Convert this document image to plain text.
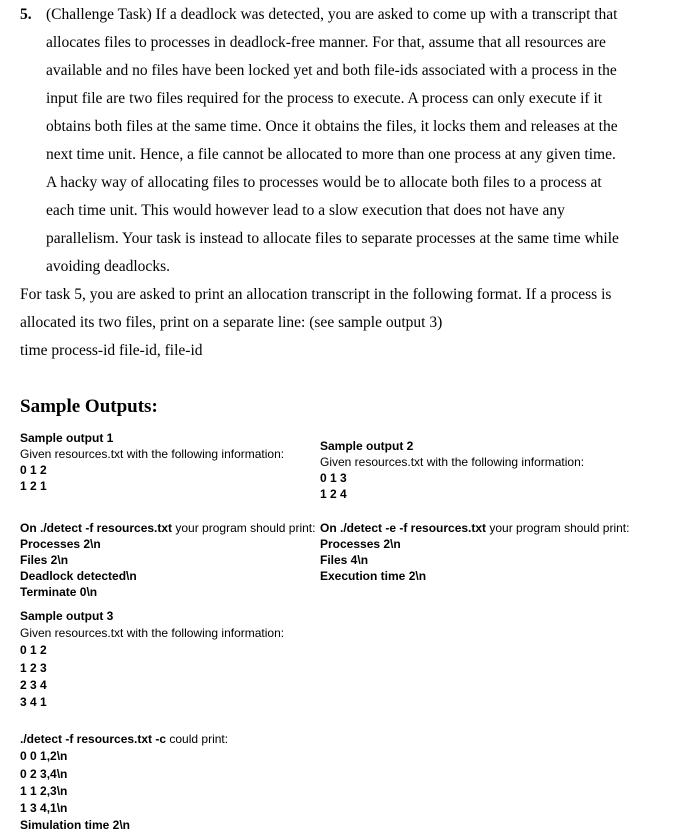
5. (Challenge Task) If a deadlock was detected, you are asked to come up with a transcript that
allocates files to processes in deadlock-free manner. For that, assume that all resources are
available and no files have been locked yet and both file-ids associated with a process in the
input file are two files required for the process to execute. A process can only execute if it
obtains both files at the same time. Once it obtains the files, it locks them and releases at the
next time unit. Hence, a file cannot be allocated to more than one process at any given time.
A hacky way of allocating files to processes would be to allocate both files to a process at
each time unit. This would however lead to a slow execution that does not have any
parallelism. Your task is instead to allocate files to separate processes at the same time while
avoiding deadlocks.
For task 5, you are asked to print an allocation transcript in the following format. If a process is
allocated its two files, print on a separate line: (see sample output 3)
time process-id file-id, file-id
Sample Outputs:
Sample output 1
Given resources.txt with the following information:
0 1 2
1 2 1
On ./detect -f resources.txt your program should print:
Processes 2\n
Files 2\n
Deadlock detected\n
Terminate 0\n
Sample output 2
Given resources.txt with the following information:
0 1 3
1 2 4
On ./detect -e -f resources.txt your program should print:
Processes 2\n
Files 4\n
Execution time 2\n
Sample output 3
Given resources.txt with the following information:
0 1 2
1 2 3
2 3 4
3 4 1
./detect -f resources.txt -c could print:
0 0 1,2\n
0 2 3,4\n
1 1 2,3\n
1 3 4,1\n
Simulation time 2\n
